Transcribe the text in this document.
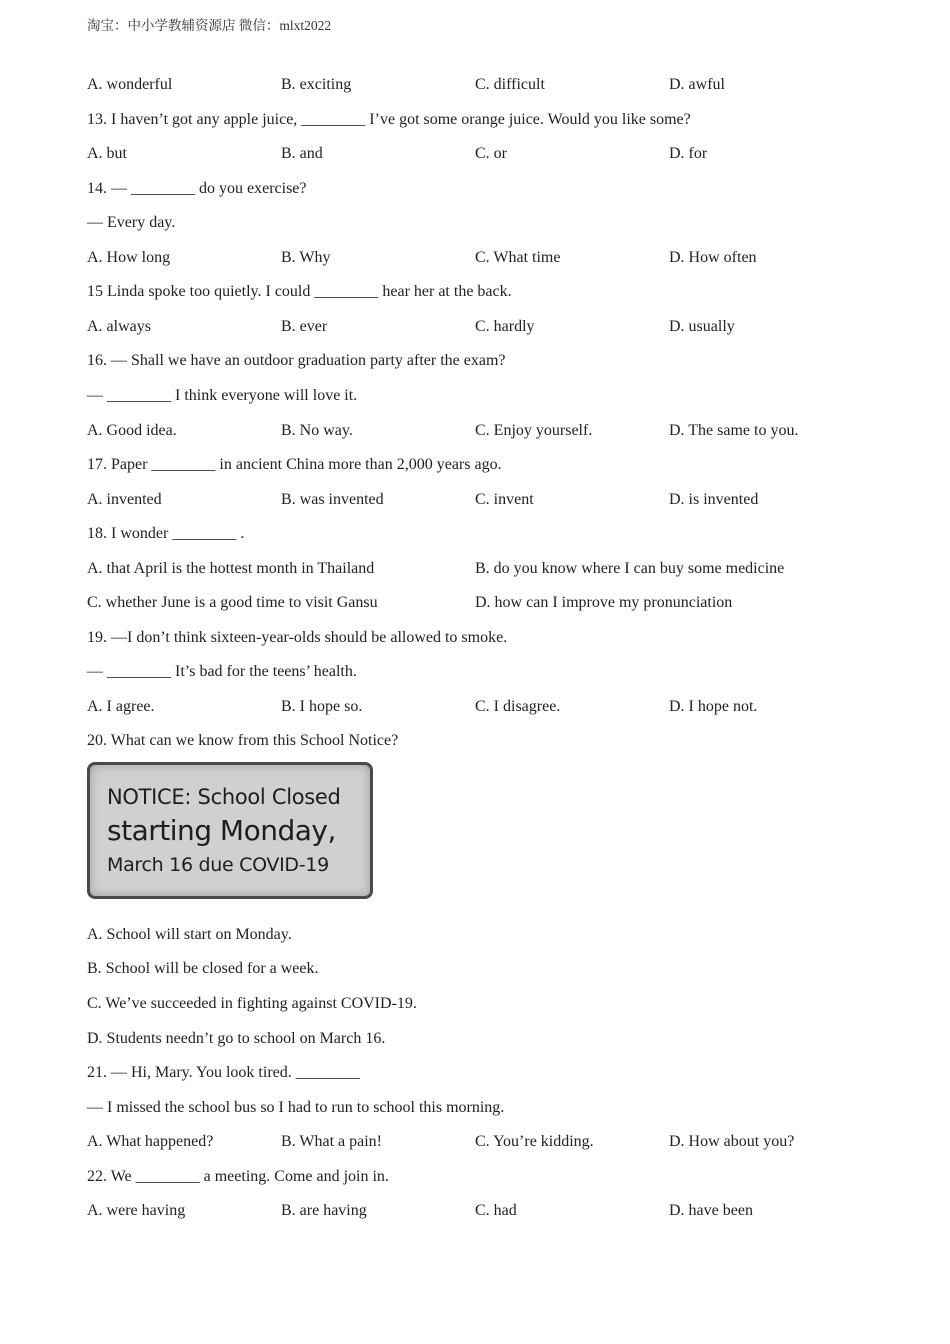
淘宝：中小学教辅资源店 微信：mlxt2022
A. wonderful	B. exciting	C. difficult	D. awful
13. I haven’t got any apple juice, ________ I’ve got some orange juice. Would you like some?
A. but	B. and	C. or	D. for
14. — ________ do you exercise?
— Every day.
A. How long	B. Why	C. What time	D. How often
15 Linda spoke too quietly. I could ________ hear her at the back.
A. always	B. ever	C. hardly	D. usually
16. — Shall we have an outdoor graduation party after the exam?
— ________ I think everyone will love it.
A. Good idea.	B. No way.	C. Enjoy yourself.	D. The same to you.
17. Paper ________ in ancient China more than 2,000 years ago.
A. invented	B. was invented	C. invent	D. is invented
18. I wonder ________ .
A. that April is the hottest month in Thailand	B. do you know where I can buy some medicine
C. whether June is a good time to visit Gansu	D. how can I improve my pronunciation
19. —I don’t think sixteen-year-olds should be allowed to smoke.
— ________ It’s bad for the teens’ health.
A. I agree.	B. I hope so.	C. I disagree.	D. I hope not.
20. What can we know from this School Notice?
NOTICE: School Closed
starting Monday,
March 16 due COVID-19
A. School will start on Monday.
B. School will be closed for a week.
C. We’ve succeeded in fighting against COVID-19.
D. Students needn’t go to school on March 16.
21. — Hi, Mary. You look tired. ________
— I missed the school bus so I had to run to school this morning.
A. What happened?	B. What a pain!	C. You’re kidding.	D. How about you?
22. We ________ a meeting. Come and join in.
A. were having	B. are having	C. had	D. have been
